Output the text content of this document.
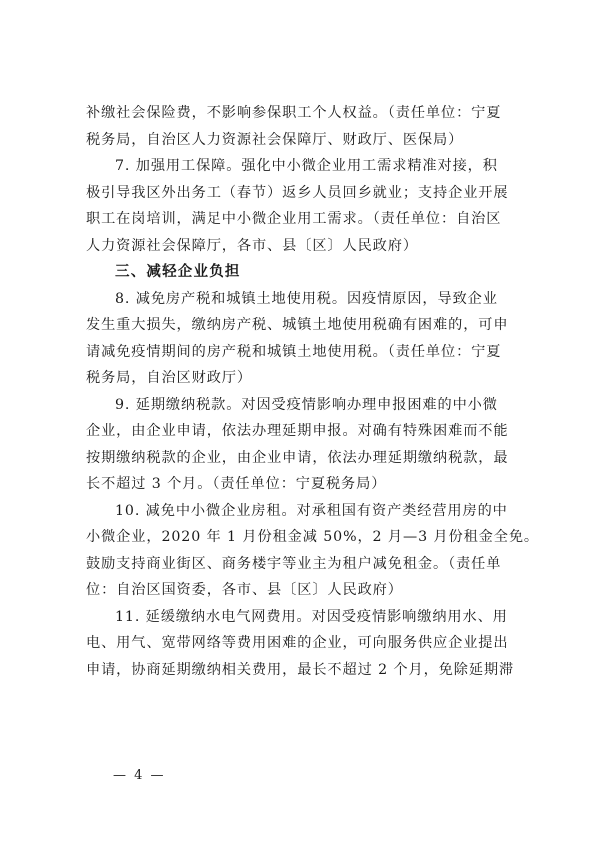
补缴社会保险费，不影响参保职工个人权益。（责任单位：宁夏
税务局，自治区人力资源社会保障厅、财政厅、医保局）

7. 加强用工保障。强化中小微企业用工需求精准对接，积
极引导我区外出务工（春节）返乡人员回乡就业；支持企业开展
职工在岗培训，满足中小微企业用工需求。（责任单位：自治区
人力资源社会保障厅，各市、县〔区〕人民政府）

三、减轻企业负担

8. 减免房产税和城镇土地使用税。因疫情原因，导致企业
发生重大损失，缴纳房产税、城镇土地使用税确有困难的，可申
请减免疫情期间的房产税和城镇土地使用税。（责任单位：宁夏
税务局，自治区财政厅）

9. 延期缴纳税款。对因受疫情影响办理申报困难的中小微
企业，由企业申请，依法办理延期申报。对确有特殊困难而不能
按期缴纳税款的企业，由企业申请，依法办理延期缴纳税款，最
长不超过 3 个月。（责任单位：宁夏税务局）

10. 减免中小微企业房租。对承租国有资产类经营用房的中
小微企业，2020 年 1 月份租金减 50%，2 月—3 月份租金全免。
鼓励支持商业街区、商务楼宇等业主为租户减免租金。（责任单
位：自治区国资委，各市、县〔区〕人民政府）

11. 延缓缴纳水电气网费用。对因受疫情影响缴纳用水、用
电、用气、宽带网络等费用困难的企业，可向服务供应企业提出
申请，协商延期缴纳相关费用，最长不超过 2 个月，免除延期滞

— 4 —
